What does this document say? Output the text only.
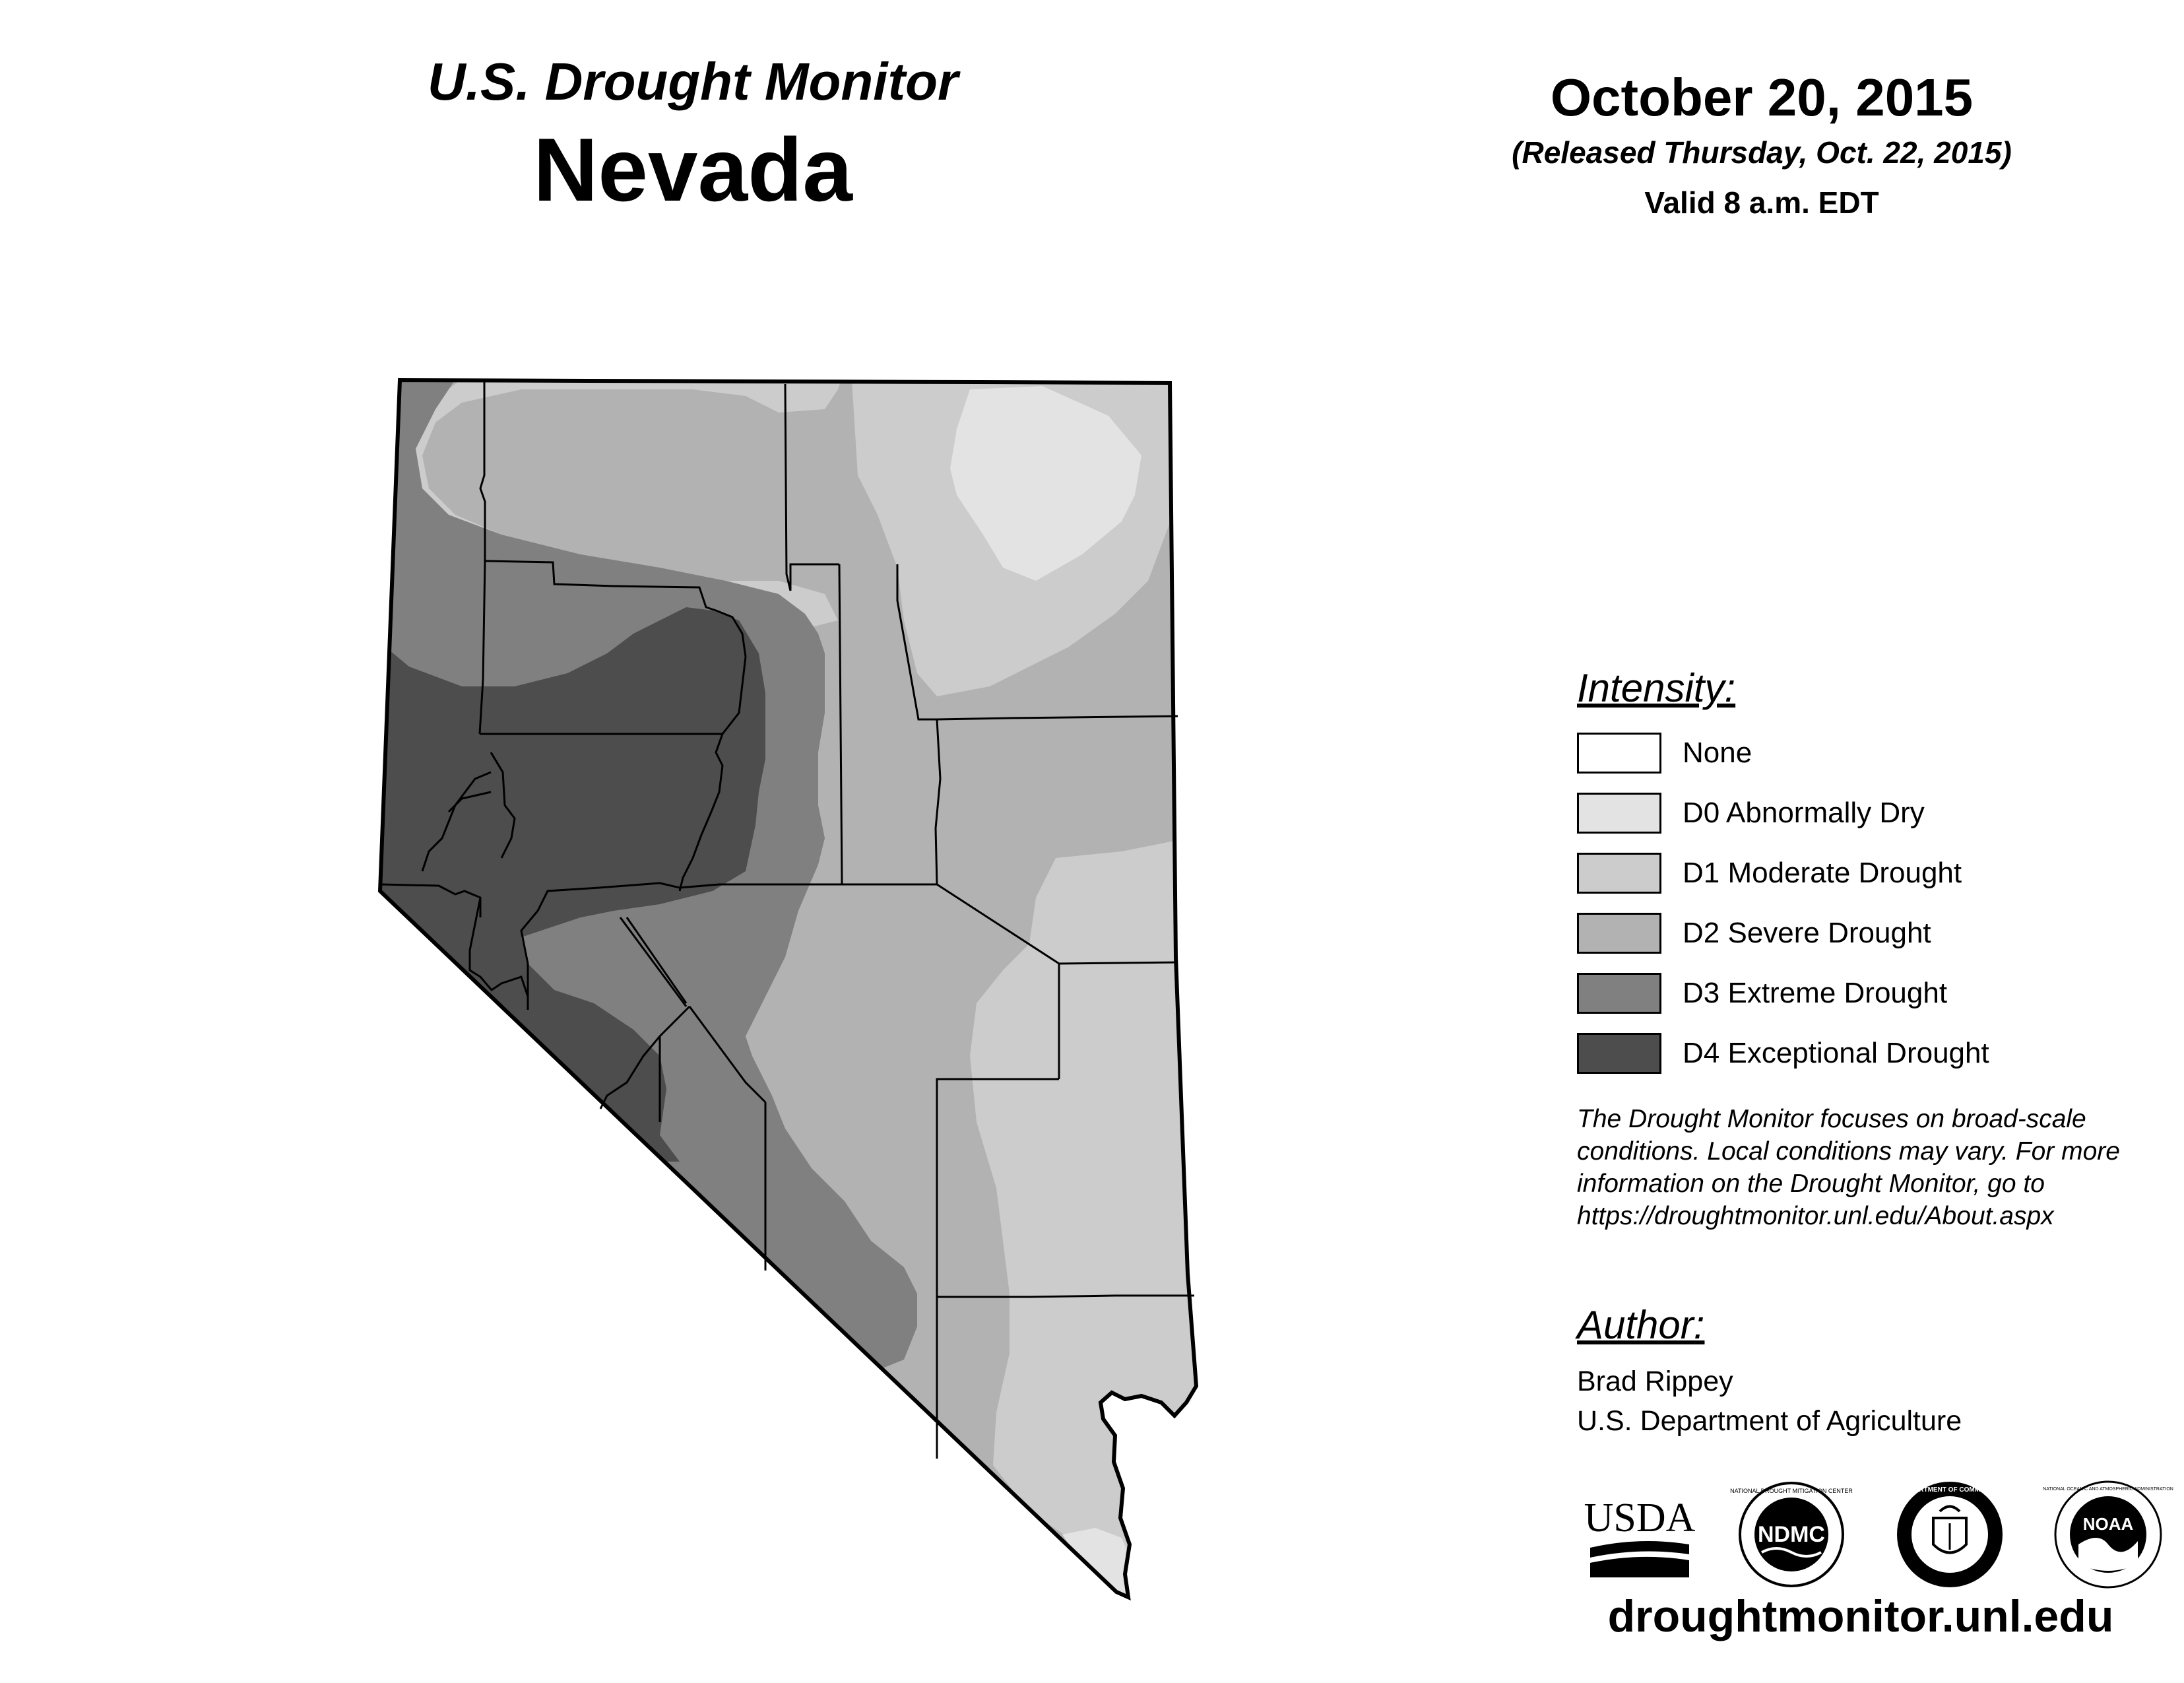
U.S. Drought Monitor
Nevada
October 20, 2015
(Released Thursday, Oct. 22, 2015)
Valid 8 a.m. EDT
Intensity:
None
D0 Abnormally Dry
D1 Moderate Drought
D2 Severe Drought
D3 Extreme Drought
D4 Exceptional Drought
The Drought Monitor focuses on broad-scale conditions. Local conditions may vary. For more information on the Drought Monitor, go to https://droughtmonitor.unl.edu/About.aspx
Author:
Brad Rippey
U.S. Department of Agriculture
USDA	NDMC
NATIONAL DROUGHT MITIGATION CENTER	DEPARTMENT OF COMMERCE
NOAA
NATIONAL OCEANIC AND ATMOSPHERIC ADMINISTRATION
droughtmonitor.unl.edu
